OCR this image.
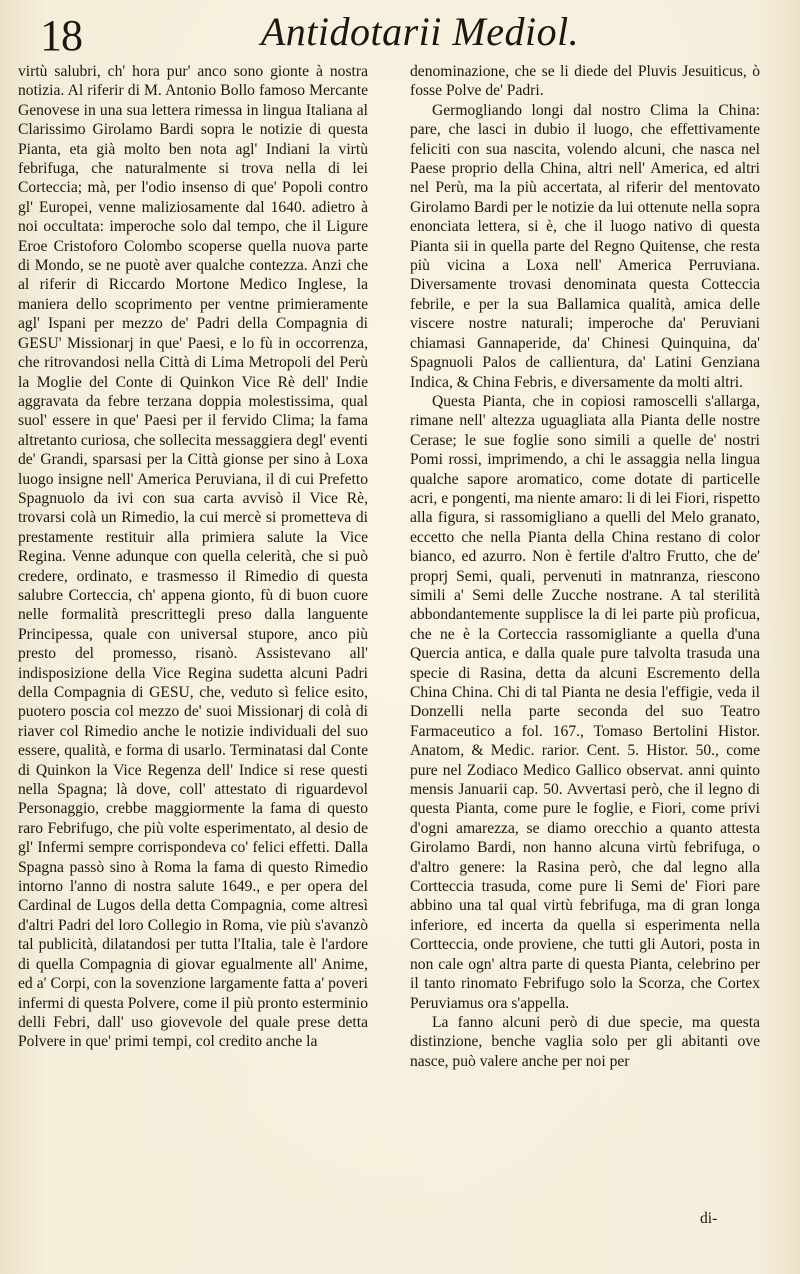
18	Antidotarii Mediol.

virtù salubri, ch' hora pur' anco sono gionte à nostra notizia. Al riferir di M. Antonio Bollo famoso Mercante Genovese in una sua lettera rimessa in lingua Italiana al Clarissimo Girolamo Bardi sopra le notizie di questa Pianta, eta già molto ben nota agl' Indiani la virtù febrifuga, che naturalmente si trova nella di lei Corteccia; mà, per l'odio insenso di que' Popoli contro gl' Europei, venne maliziosamente dal 1640. adietro à noi occultata: imperoche solo dal tempo, che il Ligure Eroe Cristoforo Colombo scoperse quella nuova parte di Mondo, se ne puotè aver qualche contezza. Anzi che al riferir di Riccardo Mortone Medico Inglese, la maniera dello scoprimento per ventne primieramente agl' Ispani per mezzo de' Padri della Compagnia di GESU' Missionarj in que' Paesi, e lo fù in occorrenza, che ritrovandosi nella Città di Lima Metropoli del Perù la Moglie del Conte di Quinkon Vice Rè dell' Indie aggravata da febre terzana doppia molestissima, qual suol' essere in que' Paesi per il fervido Clima; la fama altretanto curiosa, che sollecita messaggiera degl' eventi de' Grandi, sparsasi per la Città gionse per sino à Loxa luogo insigne nell' America Peruviana, il di cui Prefetto Spagnuolo da ivi con sua carta avvisò il Vice Rè, trovarsi colà un Rimedio, la cui mercè si prometteva di prestamente restituir alla primiera salute la Vice Regina. Venne adunque con quella celerità, che si può credere, ordinato, e trasmesso il Rimedio di questa salubre Corteccia, ch' appena gionto, fù di buon cuore nelle formalità prescrittegli preso dalla languente Principessa, quale con universal stupore, anco più presto del promesso, risanò. Assistevano all' indisposizione della Vice Regina sudetta alcuni Padri della Compagnia di GESU, che, veduto sì felice esito, puotero poscia col mezzo de' suoi Missionarj di colà di riaver col Rimedio anche le notizie individuali del suo essere, qualità, e forma di usarlo. Terminatasi dal Conte di Quinkon la Vice Regenza dell' Indice si rese questi nella Spagna; là dove, coll' attestato di riguardevol Personaggio, crebbe maggiormente la fama di questo raro Febrifugo, che più volte esperimentato, al desio de gl' Infermi sempre corrispondeva co' felici effetti. Dalla Spagna passò sino à Roma la fama di questo Rimedio intorno l'anno di nostra salute 1649., e per opera del Cardinal de Lugos della detta Compagnia, come altresì d'altri Padri del loro Collegio in Roma, vie più s'avanzò tal publicità, dilatandosi per tutta l'Italia, tale è l'ardore di quella Compagnia di giovar egualmente all' Anime, ed a' Corpi, con la sovenzione largamente fatta a' poveri infermi di questa Polvere, come il più pronto esterminio delli Febri, dall' uso giovevole del quale prese detta Polvere in que' primi tempi, col credito anche la

denominazione, che se li diede del Pluvis Jesuiticus, ò fosse Polve de' Padri.

Germogliando longi dal nostro Clima la China: pare, che lasci in dubio il luogo, che effettivamente feliciti con sua nascita, volendo alcuni, che nasca nel Paese proprio della China, altri nell' America, ed altri nel Perù, ma la più accertata, al riferir del mentovato Girolamo Bardi per le notizie da lui ottenute nella sopra enonciata lettera, si è, che il luogo nativo di questa Pianta sii in quella parte del Regno Quitense, che resta più vicina a Loxa nell' America Perruviana. Diversamente trovasi denominata questa Cotteccia febrile, e per la sua Ballamica qualità, amica delle viscere nostre naturali; imperoche da' Peruviani chiamasi Gannaperide, da' Chinesi Quinquina, da' Spagnuoli Palos de callientura, da' Latini Genziana Indica, & China Febris, e diversamente da molti altri.

Questa Pianta, che in copiosi ramoscelli s'allarga, rimane nell' altezza uguagliata alla Pianta delle nostre Cerase; le sue foglie sono simili a quelle de' nostri Pomi rossi, imprimendo, a chi le assaggia nella lingua qualche sapore aromatico, come dotate di particelle acri, e pongenti, ma niente amaro: li di lei Fiori, rispetto alla figura, si rassomigliano a quelli del Melo granato, eccetto che nella Pianta della China restano di color bianco, ed azurro. Non è fertile d'altro Frutto, che de' proprj Semi, quali, pervenuti in matnranza, riescono simili a' Semi delle Zucche nostrane. A tal sterilità abbondantemente supplisce la di lei parte più proficua, che ne è la Corteccia rassomigliante a quella d'una Quercia antica, e dalla quale pure talvolta trasuda una specie di Rasina, detta da alcuni Escremento della China China. Chi di tal Pianta ne desia l'effigie, veda il Donzelli nella parte seconda del suo Teatro Farmaceutico a fol. 167., Tomaso Bertolini Histor. Anatom, & Medic. rarior. Cent. 5. Histor. 50., come pure nel Zodiaco Medico Gallico observat. anni quinto mensis Januarii cap. 50. Avvertasi però, che il legno di questa Pianta, come pure le foglie, e Fiori, come privi d'ogni amarezza, se diamo orecchio a quanto attesta Girolamo Bardi, non hanno alcuna virtù febrifuga, o d'altro genere: la Rasina però, che dal legno alla Cortteccia trasuda, come pure li Semi de' Fiori pare abbino una tal qual virtù febrifuga, ma di gran longa inferiore, ed incerta da quella si esperimenta nella Cortteccia, onde proviene, che tutti gli Autori, posta in non cale ogn' altra parte di questa Pianta, celebrino per il tanto rinomato Febrifugo solo la Scorza, che Cortex Peruviamus ora s'appella.

La fanno alcuni però di due specie, ma questa distinzione, benche vaglia solo per gli abitanti ove nasce, può valere anche per noi per

di-
